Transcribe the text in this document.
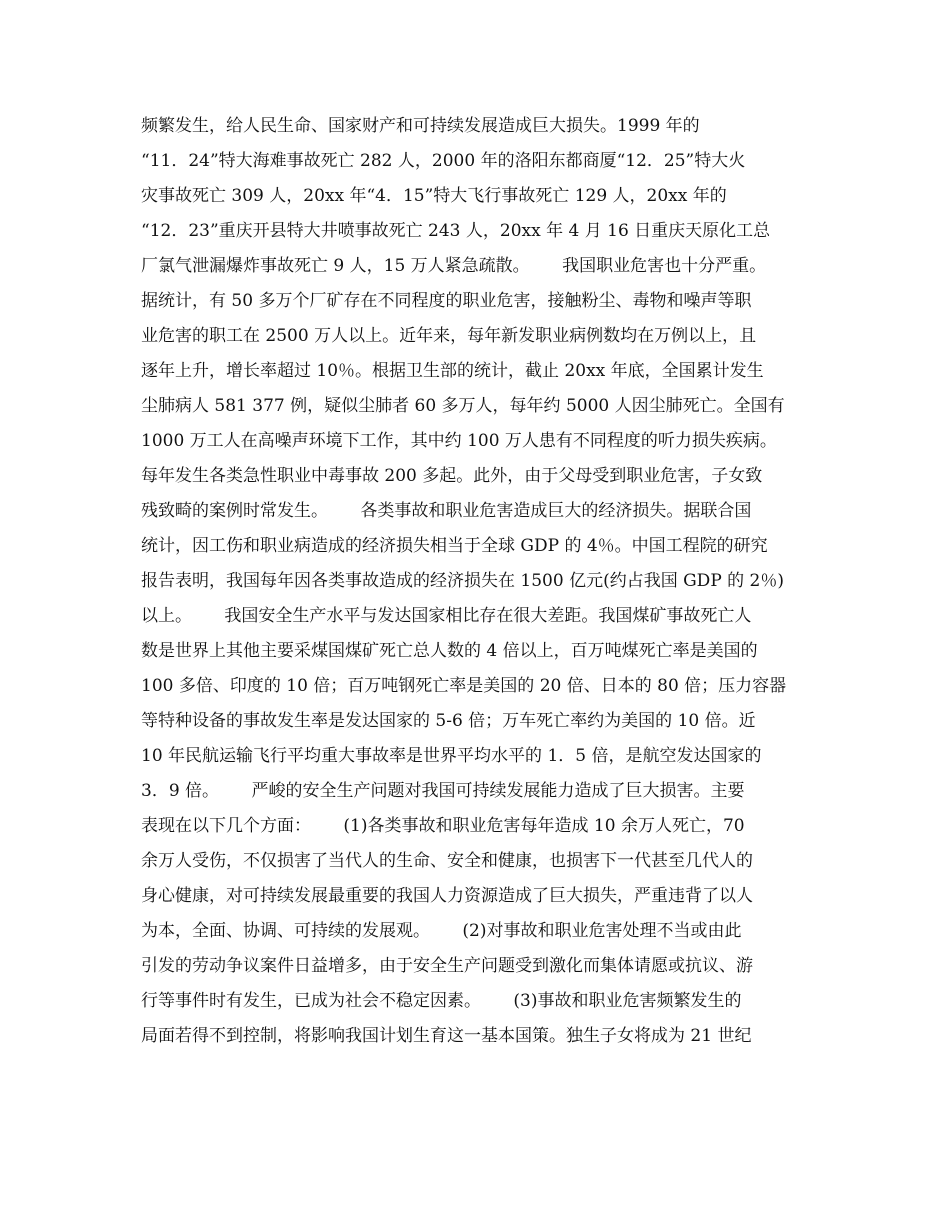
频繁发生，给人民生命、国家财产和可持续发展造成巨大损失。1999 年的
“11．24”特大海难事故死亡 282 人，2000 年的洛阳东都商厦“12．25”特大火
灾事故死亡 309 人，20xx 年“4．15”特大飞行事故死亡 129 人，20xx 年的
“12．23”重庆开县特大井喷事故死亡 243 人，20xx 年 4 月 16 日重庆天原化工总
厂氯气泄漏爆炸事故死亡 9 人，15 万人紧急疏散。      我国职业危害也十分严重。
据统计，有 50 多万个厂矿存在不同程度的职业危害，接触粉尘、毒物和噪声等职
业危害的职工在 2500 万人以上。近年来，每年新发职业病例数均在万例以上，且
逐年上升，增长率超过 10％。根据卫生部的统计，截止 20xx 年底，全国累计发生
尘肺病人 581 377 例，疑似尘肺者 60 多万人，每年约 5000 人因尘肺死亡。全国有
1000 万工人在高噪声环境下工作，其中约 100 万人患有不同程度的听力损失疾病。
每年发生各类急性职业中毒事故 200 多起。此外，由于父母受到职业危害，子女致
残致畸的案例时常发生。      各类事故和职业危害造成巨大的经济损失。据联合国
统计，因工伤和职业病造成的经济损失相当于全球 GDP 的 4％。中国工程院的研究
报告表明，我国每年因各类事故造成的经济损失在 1500 亿元(约占我国 GDP 的 2％)
以上。      我国安全生产水平与发达国家相比存在很大差距。我国煤矿事故死亡人
数是世界上其他主要采煤国煤矿死亡总人数的 4 倍以上，百万吨煤死亡率是美国的
100 多倍、印度的 10 倍；百万吨钢死亡率是美国的 20 倍、日本的 80 倍；压力容器
等特种设备的事故发生率是发达国家的 5-6 倍；万车死亡率约为美国的 10 倍。近
10 年民航运输飞行平均重大事故率是世界平均水平的 1．5 倍，是航空发达国家的
3．9 倍。      严峻的安全生产问题对我国可持续发展能力造成了巨大损害。主要
表现在以下几个方面：      (1)各类事故和职业危害每年造成 10 余万人死亡，70
余万人受伤，不仅损害了当代人的生命、安全和健康，也损害下一代甚至几代人的
身心健康，对可持续发展最重要的我国人力资源造成了巨大损失，严重违背了以人
为本，全面、协调、可持续的发展观。      (2)对事故和职业危害处理不当或由此
引发的劳动争议案件日益增多，由于安全生产问题受到激化而集体请愿或抗议、游
行等事件时有发生，已成为社会不稳定因素。      (3)事故和职业危害频繁发生的
局面若得不到控制，将影响我国计划生育这一基本国策。独生子女将成为 21 世纪
